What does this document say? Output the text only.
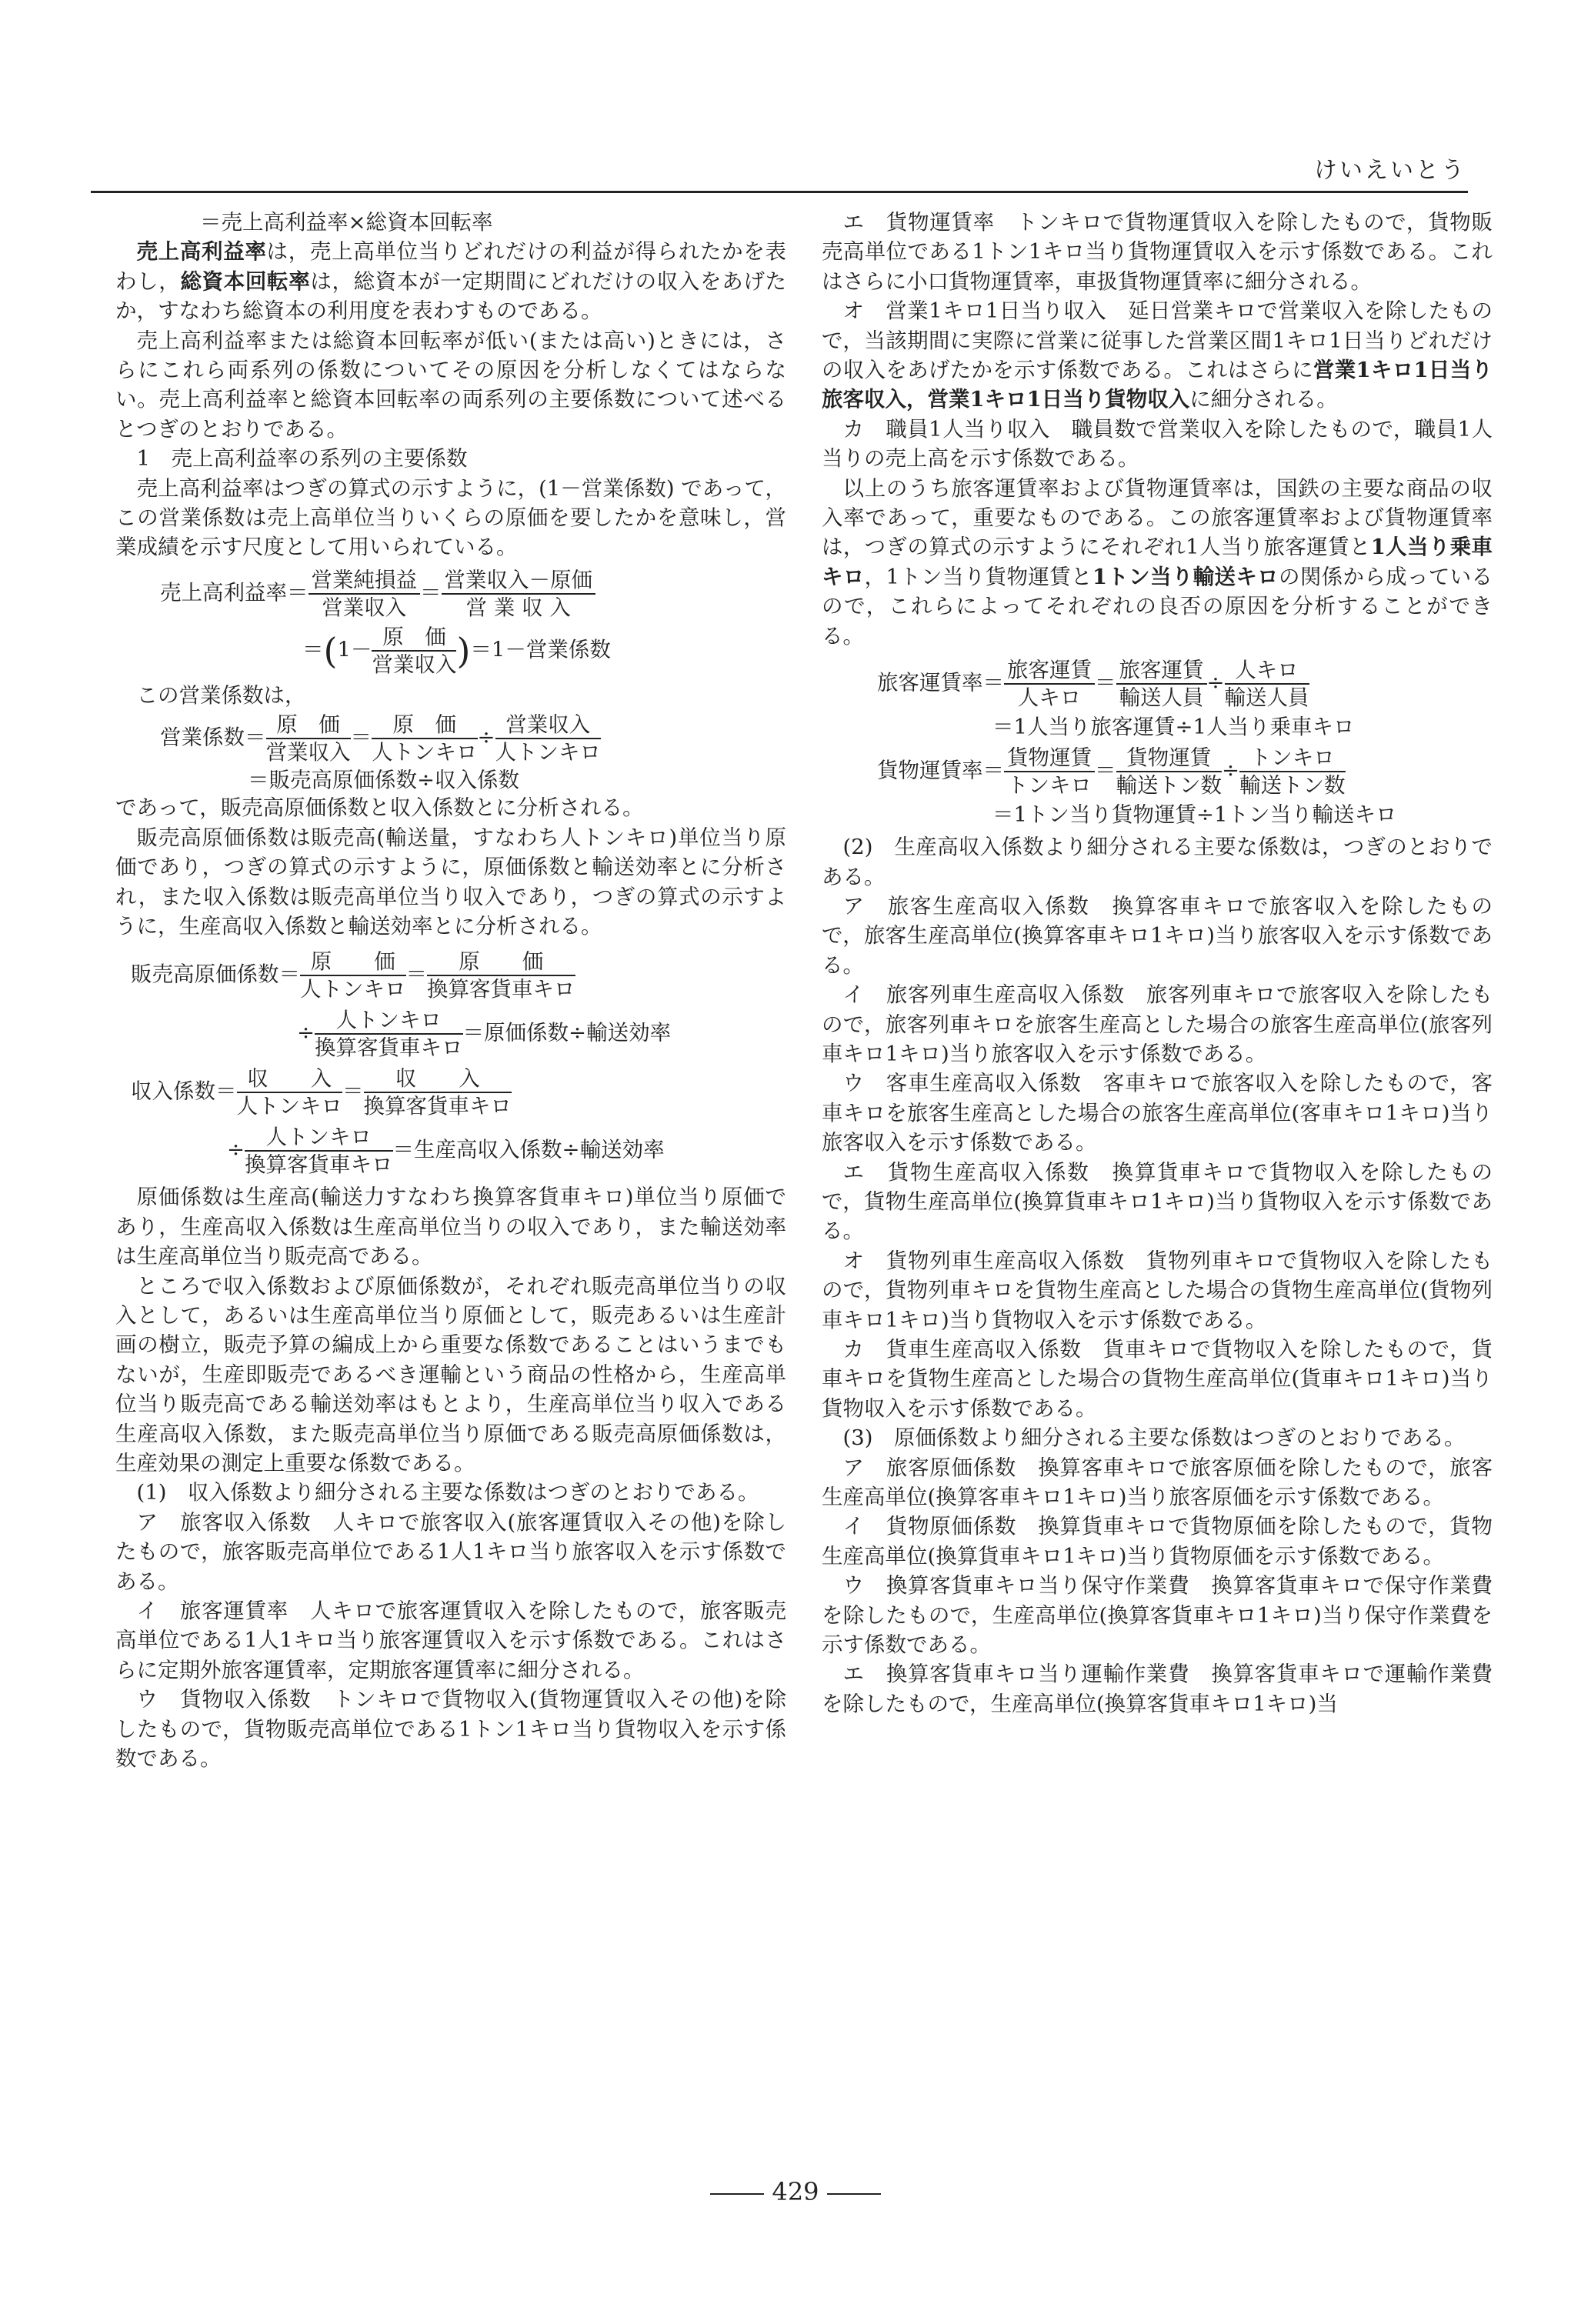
けいえいとう

＝売上高利益率×総資本回転率

売上高利益率は，売上高単位当りどれだけの利益が得られたかを表わし，総資本回転率は，総資本が一定期間にどれだけの収入をあげたか，すなわち総資本の利用度を表わすものである。

売上高利益率または総資本回転率が低い(または高い)ときには，さらにこれら両系列の係数についてその原因を分析しなくてはならない。売上高利益率と総資本回転率の両系列の主要係数について述べるとつぎのとおりである。

1　売上高利益率の系列の主要係数

売上高利益率はつぎの算式の示すように，(1－営業係数) であって，この営業係数は売上高単位当りいくらの原価を要したかを意味し，営業成績を示す尺度として用いられている。

売上高利益率＝ $\frac{\text{営業純損益}}{\text{営業収入}} = \frac{\text{営業収入－原価}}{\text{営 業 収 入}}$
$=(1- \frac{\text{原　価}}{\text{営業収入}} )=1-$営業係数

この営業係数は，

営業係数＝ $\frac{\text{原　価}}{\text{営業収入}} = \frac{\text{原　価}}{\text{人トンキロ}} \div \frac{\text{営業収入}}{\text{人トンキロ}}$
＝販売高原価係数÷収入係数

であって，販売高原価係数と収入係数とに分析される。

販売高原価係数は販売高(輸送量，すなわち人トンキロ)単位当り原価であり，つぎの算式の示すように，原価係数と輸送効率とに分析され，また収入係数は販売高単位当り収入であり，つぎの算式の示すように，生産高収入係数と輸送効率とに分析される。

販売高原価係数＝ $\frac{\text{原　　価}}{\text{人トンキロ}} = \frac{\text{原　　価}}{\text{換算客貨車キロ}}$
÷ $\frac{\text{人トンキロ}}{\text{換算客貨車キロ}}$ ＝原価係数÷輸送効率
収入係数＝ $\frac{\text{収　　入}}{\text{人トンキロ}} = \frac{\text{収　　入}}{\text{換算客貨車キロ}}$
÷ $\frac{\text{人トンキロ}}{\text{換算客貨車キロ}}$ ＝生産高収入係数÷輸送効率

原価係数は生産高(輸送力すなわち換算客貨車キロ)単位当り原価であり，生産高収入係数は生産高単位当りの収入であり，また輸送効率は生産高単位当り販売高である。

ところで収入係数および原価係数が，それぞれ販売高単位当りの収入として，あるいは生産高単位当り原価として，販売あるいは生産計画の樹立，販売予算の編成上から重要な係数であることはいうまでもないが，生産即販売であるべき運輸という商品の性格から，生産高単位当り販売高である輸送効率はもとより，生産高単位当り収入である生産高収入係数，また販売高単位当り原価である販売高原価係数は，生産効果の測定上重要な係数である。

(1)　収入係数より細分される主要な係数はつぎのとおりである。

ア　旅客収入係数　人キロで旅客収入(旅客運賃収入その他)を除したもので，旅客販売高単位である1人1キロ当り旅客収入を示す係数である。

イ　旅客運賃率　人キロで旅客運賃収入を除したもので，旅客販売高単位である1人1キロ当り旅客運賃収入を示す係数である。これはさらに定期外旅客運賃率，定期旅客運賃率に細分される。

ウ　貨物収入係数　トンキロで貨物収入(貨物運賃収入その他)を除したもので，貨物販売高単位である1トン1キロ当り貨物収入を示す係数である。

エ　貨物運賃率　トンキロで貨物運賃収入を除したもので，貨物販売高単位である1トン1キロ当り貨物運賃収入を示す係数である。これはさらに小口貨物運賃率，車扱貨物運賃率に細分される。

オ　営業1キロ1日当り収入　延日営業キロで営業収入を除したもので，当該期間に実際に営業に従事した営業区間1キロ1日当りどれだけの収入をあげたかを示す係数である。これはさらに営業1キロ1日当り旅客収入，営業1キロ1日当り貨物収入に細分される。

カ　職員1人当り収入　職員数で営業収入を除したもので，職員1人当りの売上高を示す係数である。

以上のうち旅客運賃率および貨物運賃率は，国鉄の主要な商品の収入率であって，重要なものである。この旅客運賃率および貨物運賃率は，つぎの算式の示すようにそれぞれ1人当り旅客運賃と1人当り乗車キロ，1トン当り貨物運賃と1トン当り輸送キロの関係から成っているので，これらによってそれぞれの良否の原因を分析することができる。

旅客運賃率＝ $\frac{\text{旅客運賃}}{\text{人キロ}} = \frac{\text{旅客運賃}}{\text{輸送人員}} \div \frac{\text{人キロ}}{\text{輸送人員}}$
＝1人当り旅客運賃÷1人当り乗車キロ
貨物運賃率＝ $\frac{\text{貨物運賃}}{\text{トンキロ}} = \frac{\text{貨物運賃}}{\text{輸送トン数}} \div \frac{\text{トンキロ}}{\text{輸送トン数}}$
＝1トン当り貨物運賃÷1トン当り輸送キロ

(2)　生産高収入係数より細分される主要な係数は，つぎのとおりである。

ア　旅客生産高収入係数　換算客車キロで旅客収入を除したもので，旅客生産高単位(換算客車キロ1キロ)当り旅客収入を示す係数である。

イ　旅客列車生産高収入係数　旅客列車キロで旅客収入を除したもので，旅客列車キロを旅客生産高とした場合の旅客生産高単位(旅客列車キロ1キロ)当り旅客収入を示す係数である。

ウ　客車生産高収入係数　客車キロで旅客収入を除したもので，客車キロを旅客生産高とした場合の旅客生産高単位(客車キロ1キロ)当り旅客収入を示す係数である。

エ　貨物生産高収入係数　換算貨車キロで貨物収入を除したもので，貨物生産高単位(換算貨車キロ1キロ)当り貨物収入を示す係数である。

オ　貨物列車生産高収入係数　貨物列車キロで貨物収入を除したもので，貨物列車キロを貨物生産高とした場合の貨物生産高単位(貨物列車キロ1キロ)当り貨物収入を示す係数である。

カ　貨車生産高収入係数　貨車キロで貨物収入を除したもので，貨車キロを貨物生産高とした場合の貨物生産高単位(貨車キロ1キロ)当り貨物収入を示す係数である。

(3)　原価係数より細分される主要な係数はつぎのとおりである。

ア　旅客原価係数　換算客車キロで旅客原価を除したもので，旅客生産高単位(換算客車キロ1キロ)当り旅客原価を示す係数である。

イ　貨物原価係数　換算貨車キロで貨物原価を除したもので，貨物生産高単位(換算貨車キロ1キロ)当り貨物原価を示す係数である。

ウ　換算客貨車キロ当り保守作業費　換算客貨車キロで保守作業費を除したもので，生産高単位(換算客貨車キロ1キロ)当り保守作業費を示す係数である。

エ　換算客貨車キロ当り運輸作業費　換算客貨車キロで運輸作業費を除したもので，生産高単位(換算客貨車キロ1キロ)当

429
